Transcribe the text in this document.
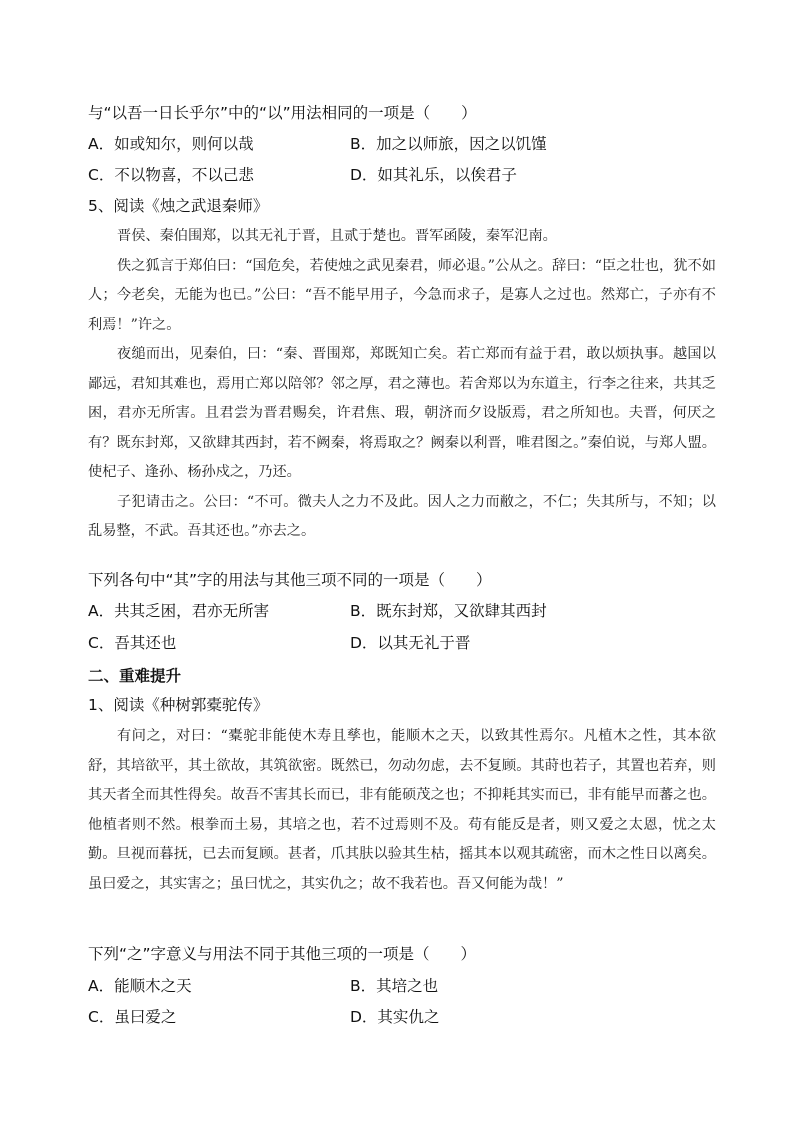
与“以吾一日长乎尔”中的“以”用法相同的一项是（　　）
A．如或知尔，则何以哉	B．加之以师旅，因之以饥馑
C．不以物喜，不以己悲	D．如其礼乐，以俟君子
5、阅读《烛之武退秦师》

晋侯、秦伯围郑，以其无礼于晋，且贰于楚也。晋军函陵，秦军氾南。

佚之狐言于郑伯曰：“国危矣，若使烛之武见秦君，师必退。”公从之。辞曰：“臣之壮也，犹不如人；今老矣，无能为也已。”公曰：“吾不能早用子，今急而求子，是寡人之过也。然郑亡，子亦有不利焉！”许之。

夜缒而出，见秦伯，曰：“秦、晋围郑，郑既知亡矣。若亡郑而有益于君，敢以烦执事。越国以鄙远，君知其难也，焉用亡郑以陪邻？邻之厚，君之薄也。若舍郑以为东道主，行李之往来，共其乏困，君亦无所害。且君尝为晋君赐矣，许君焦、瑕，朝济而夕设版焉，君之所知也。夫晋，何厌之有？既东封郑，又欲肆其西封，若不阙秦，将焉取之？阙秦以利晋，唯君图之。”秦伯说，与郑人盟。使杞子、逢孙、杨孙戍之，乃还。

子犯请击之。公曰：“不可。微夫人之力不及此。因人之力而敝之，不仁；失其所与，不知；以乱易整，不武。吾其还也。”亦去之。

下列各句中“其”字的用法与其他三项不同的一项是（　　）
A．共其乏困，君亦无所害	B．既东封郑，又欲肆其西封
C．吾其还也	D．以其无礼于晋
二、重难提升
1、阅读《种树郭橐驼传》

有问之，对曰：“橐驼非能使木寿且孳也，能顺木之天，以致其性焉尔。凡植木之性，其本欲舒，其培欲平，其土欲故，其筑欲密。既然已，勿动勿虑，去不复顾。其莳也若子，其置也若弃，则其天者全而其性得矣。故吾不害其长而已，非有能硕茂之也；不抑耗其实而已，非有能早而蕃之也。他植者则不然。根拳而土易，其培之也，若不过焉则不及。苟有能反是者，则又爱之太恩，忧之太勤。旦视而暮抚，已去而复顾。甚者，爪其肤以验其生枯，摇其本以观其疏密，而木之性日以离矣。虽曰爱之，其实害之；虽曰忧之，其实仇之；故不我若也。吾又何能为哉！”

下列“之”字意义与用法不同于其他三项的一项是（　　）
A．能顺木之天	B．其培之也
C．虽曰爱之	D．其实仇之
